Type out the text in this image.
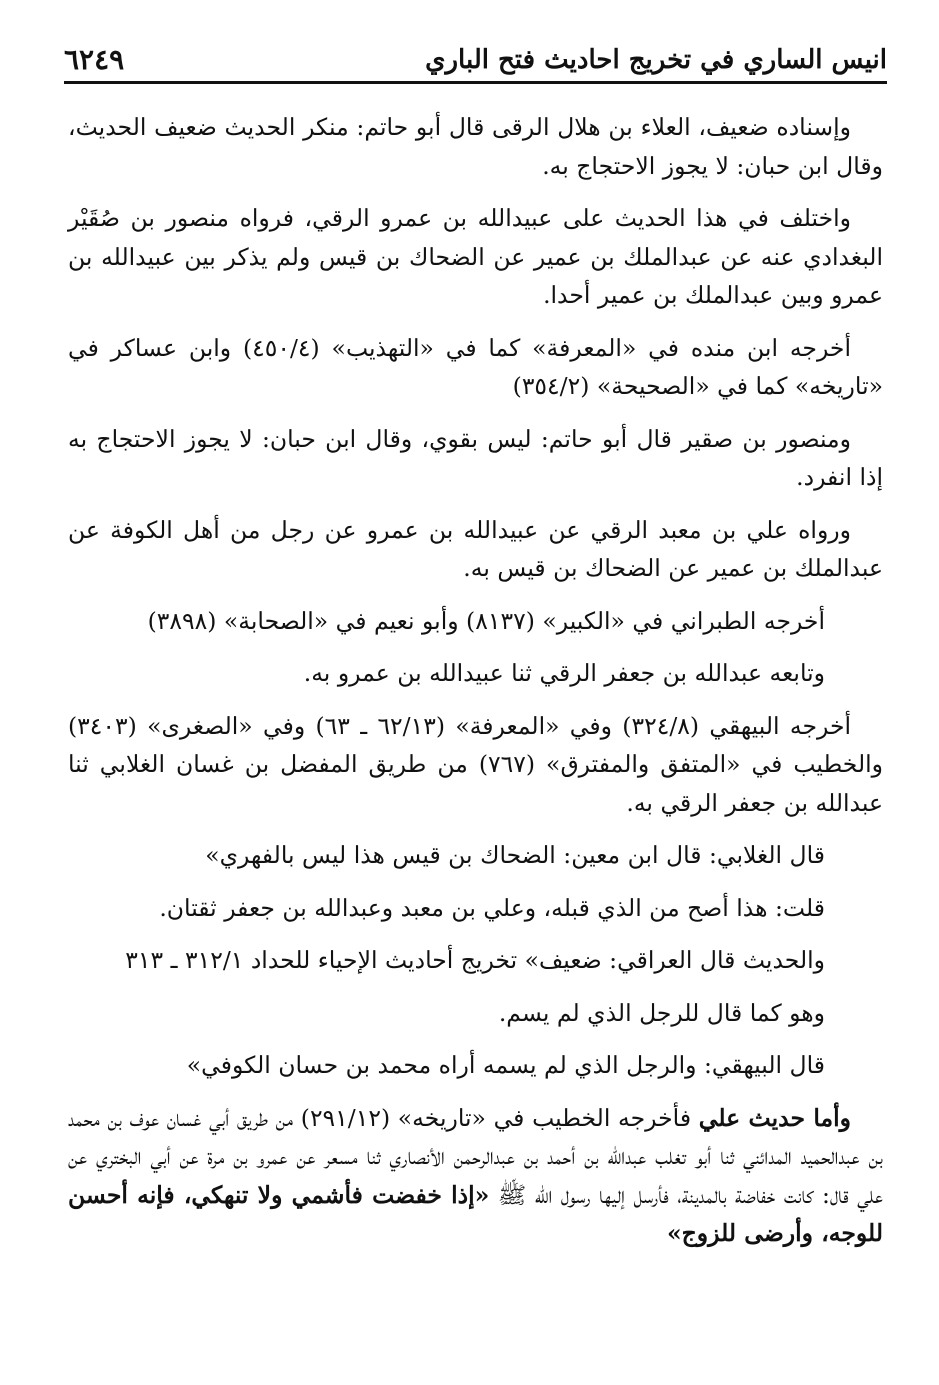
انيس الساري في تخريج احاديث فتح الباري
٦٢٤٩

وإسناده ضعيف، العلاء بن هلال الرقى قال أبو حاتم: منكر الحديث ضعيف الحديث، وقال ابن حبان: لا يجوز الاحتجاج به.

واختلف في هذا الحديث على عبيدالله بن عمرو الرقي، فرواه منصور بن صُقَيْر البغدادي عنه عن عبدالملك بن عمير عن الضحاك بن قيس ولم يذكر بين عبيدالله بن عمرو وبين عبدالملك بن عمير أحدا.

أخرجه ابن منده في «المعرفة» كما في «التهذيب» (٤٥٠/٤) وابن عساكر في «تاريخه» كما في «الصحيحة» (٣٥٤/٢)

ومنصور بن صقير قال أبو حاتم: ليس بقوي، وقال ابن حبان: لا يجوز الاحتجاج به إذا انفرد.

ورواه علي بن معبد الرقي عن عبيدالله بن عمرو عن رجل من أهل الكوفة عن عبدالملك بن عمير عن الضحاك بن قيس به.

أخرجه الطبراني في «الكبير» (٨١٣٧) وأبو نعيم في «الصحابة» (٣٨٩٨)

وتابعه عبدالله بن جعفر الرقي ثنا عبيدالله بن عمرو به.

أخرجه البيهقي (٣٢٤/٨) وفي «المعرفة» (٦٢/١٣ ـ ٦٣) وفي «الصغرى» (٣٤٠٣) والخطيب في «المتفق والمفترق» (٧٦٧) من طريق المفضل بن غسان الغلابي ثنا عبدالله بن جعفر الرقي به.

قال الغلابي: قال ابن معين: الضحاك بن قيس هذا ليس بالفهري»

قلت: هذا أصح من الذي قبله، وعلي بن معبد وعبدالله بن جعفر ثقتان.

والحديث قال العراقي: ضعيف» تخريج أحاديث الإحياء للحداد ٣١٢/١ ـ ٣١٣

وهو كما قال للرجل الذي لم يسم.

قال البيهقي: والرجل الذي لم يسمه أراه محمد بن حسان الكوفي»

وأما حديث علي فأخرجه الخطيب في «تاريخه» (٢٩١/١٢) من طريق أبي غسان عوف بن محمد بن عبدالحميد المدائني ثنا أبو تغلب عبدالله بن أحمد بن عبدالرحمن الأنصاري ثنا مسعر عن عمرو بن مرة عن أبي البختري عن علي قال: كانت خفاضة بالمدينة، فأرسل إليها رسول الله ﷺ «إذا خفضت فأشمي ولا تنهكي، فإنه أحسن للوجه، وأرضى للزوج»
